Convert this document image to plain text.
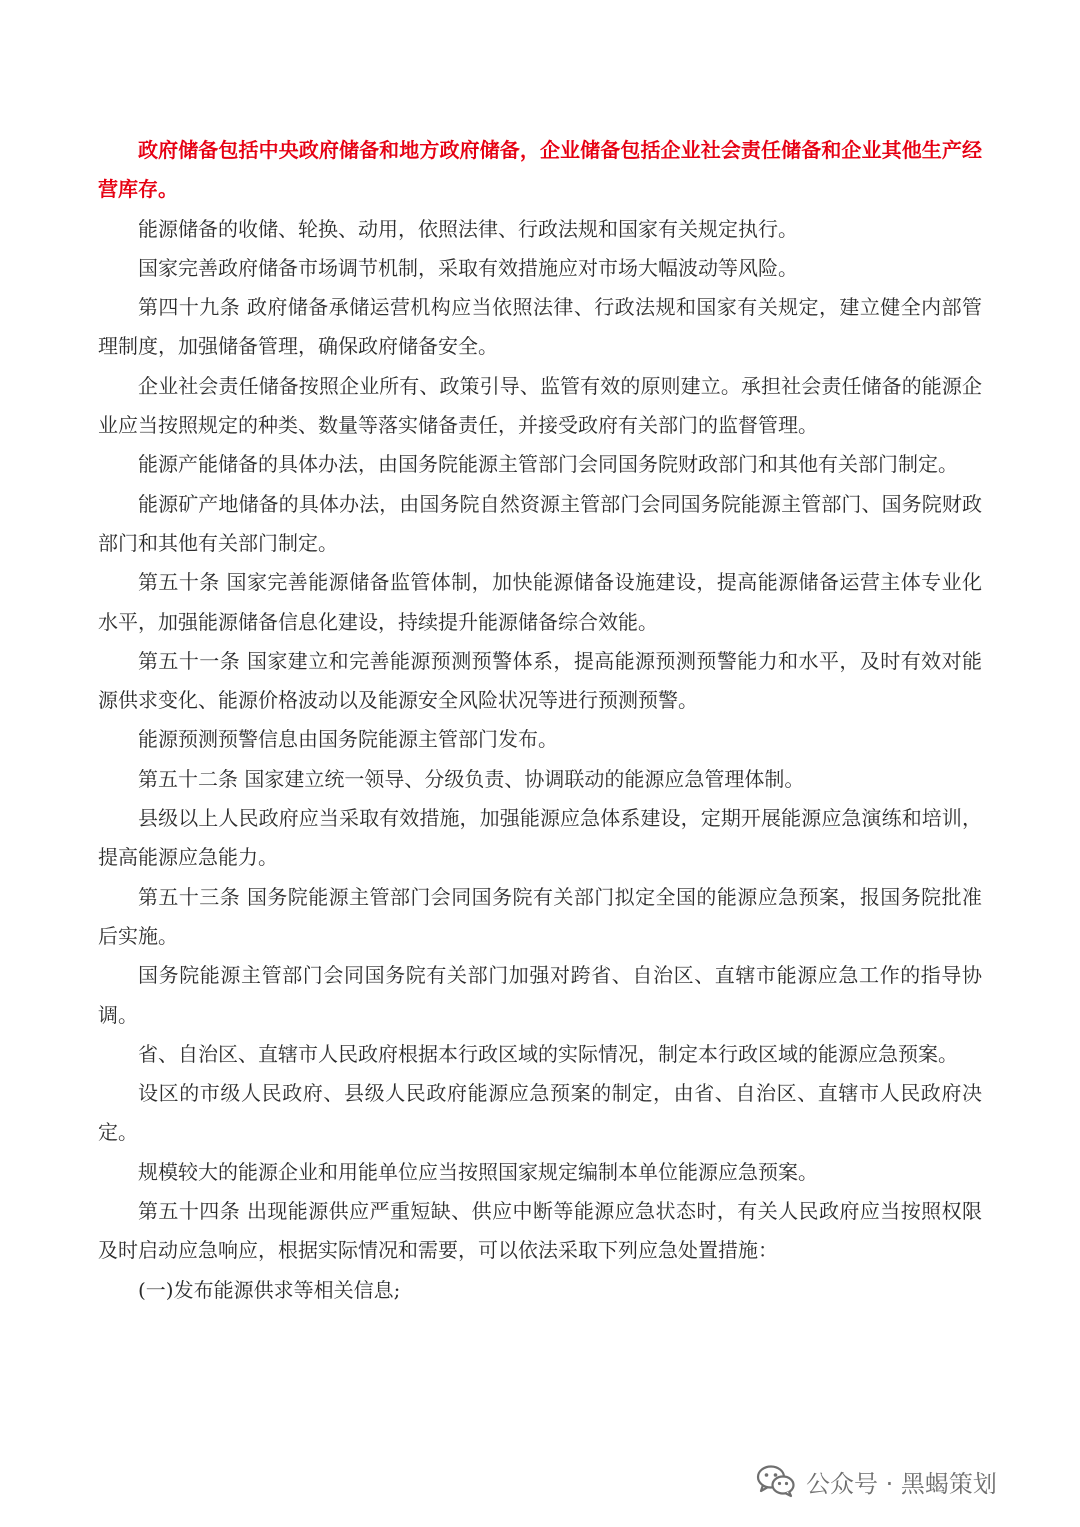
政府储备包括中央政府储备和地方政府储备，企业储备包括企业社会责任储备和企业其他生产经营库存。

能源储备的收储、轮换、动用，依照法律、行政法规和国家有关规定执行。

国家完善政府储备市场调节机制，采取有效措施应对市场大幅波动等风险。

第四十九条 政府储备承储运营机构应当依照法律、行政法规和国家有关规定，建立健全内部管理制度，加强储备管理，确保政府储备安全。

企业社会责任储备按照企业所有、政策引导、监管有效的原则建立。承担社会责任储备的能源企业应当按照规定的种类、数量等落实储备责任，并接受政府有关部门的监督管理。

能源产能储备的具体办法，由国务院能源主管部门会同国务院财政部门和其他有关部门制定。

能源矿产地储备的具体办法，由国务院自然资源主管部门会同国务院能源主管部门、国务院财政部门和其他有关部门制定。

第五十条 国家完善能源储备监管体制，加快能源储备设施建设，提高能源储备运营主体专业化水平，加强能源储备信息化建设，持续提升能源储备综合效能。

第五十一条 国家建立和完善能源预测预警体系，提高能源预测预警能力和水平，及时有效对能源供求变化、能源价格波动以及能源安全风险状况等进行预测预警。

能源预测预警信息由国务院能源主管部门发布。

第五十二条 国家建立统一领导、分级负责、协调联动的能源应急管理体制。

县级以上人民政府应当采取有效措施，加强能源应急体系建设，定期开展能源应急演练和培训，提高能源应急能力。

第五十三条 国务院能源主管部门会同国务院有关部门拟定全国的能源应急预案，报国务院批准后实施。

国务院能源主管部门会同国务院有关部门加强对跨省、自治区、直辖市能源应急工作的指导协调。

省、自治区、直辖市人民政府根据本行政区域的实际情况，制定本行政区域的能源应急预案。

设区的市级人民政府、县级人民政府能源应急预案的制定，由省、自治区、直辖市人民政府决定。

规模较大的能源企业和用能单位应当按照国家规定编制本单位能源应急预案。

第五十四条 出现能源供应严重短缺、供应中断等能源应急状态时，有关人民政府应当按照权限及时启动应急响应，根据实际情况和需要，可以依法采取下列应急处置措施：

(一)发布能源供求等相关信息;

公众号 · 黑蝎策划
